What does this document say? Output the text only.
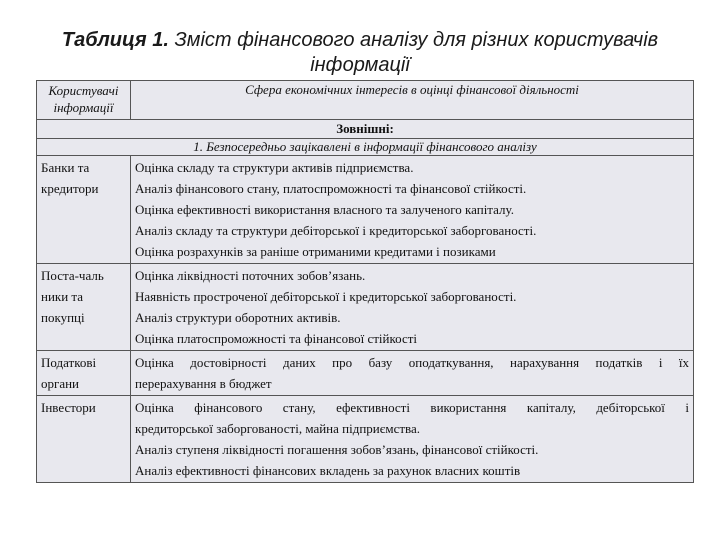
Таблиця 1. Зміст фінансового аналізу для різних користувачів
інформації
Користувачі
інформації	Сфера економічних інтересів в оцінці фінансової діяльності
Зовнішні:	
1. Безпосередньо зацікавлені в інформації фінансового аналізу	

Банки та
кредитори	Оцінка складу та структури активів підприємства.
Аналіз фінансового стану, платоспроможності та фінансової стійкості.
Оцінка ефективності використання власного та залученого капіталу.
Аналіз складу та структури дебіторської і кредиторської заборгованості.
Оцінка розрахунків за раніше отриманими кредитами і позиками

Поста-чаль
ники та
покупці	Оцінка ліквідності поточних зобов’язань.
Наявність простроченої дебіторської і кредиторської заборгованості.
Аналіз структури оборотних активів.
Оцінка платоспроможності та фінансової стійкості

Податкові
органи	Оцінка достовірності даних про базу оподаткування, нарахування податків і їх
перерахування в бюджет

Інвестори	Оцінка фінансового стану, ефективності використання капіталу, дебіторської і
кредиторської заборгованості, майна підприємства.
Аналіз ступеня ліквідності погашення зобов’язань, фінансової стійкості.
Аналіз ефективності фінансових вкладень за рахунок власних коштів
